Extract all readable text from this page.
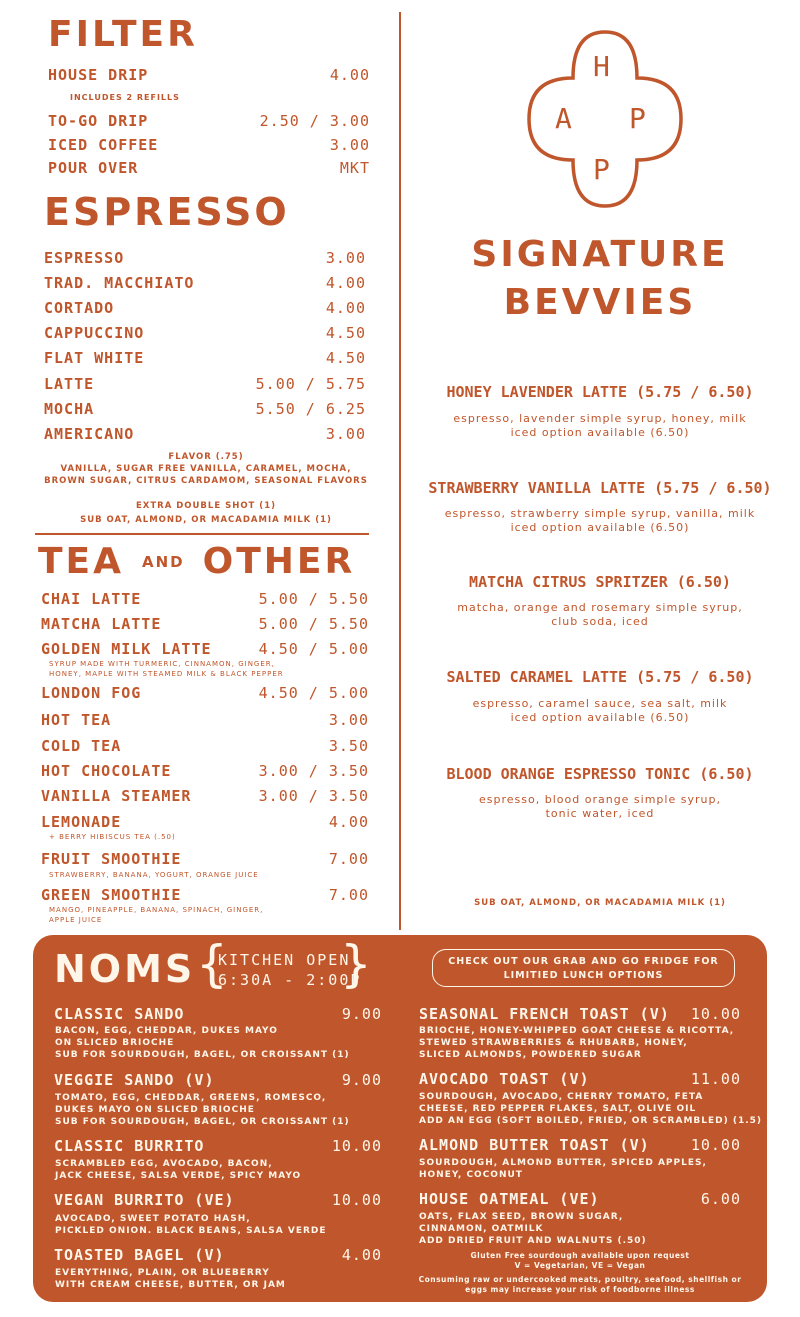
FILTER
HOUSE DRIP	4.00
INCLUDES 2 REFILLS
TO-GO DRIP	2.50 / 3.00
ICED COFFEE	3.00
POUR OVER	MKT
ESPRESSO
ESPRESSO	3.00
TRAD. MACCHIATO	4.00
CORTADO	4.00
CAPPUCCINO	4.50
FLAT WHITE	4.50
LATTE	5.00 / 5.75
MOCHA	5.50 / 6.25
AMERICANO	3.00
FLAVOR (.75)
VANILLA, SUGAR FREE VANILLA, CARAMEL, MOCHA,
BROWN SUGAR, CITRUS CARDAMOM, SEASONAL FLAVORS
EXTRA DOUBLE SHOT (1)
SUB OAT, ALMOND, OR MACADAMIA MILK (1)
TEA AND OTHER
CHAI LATTE	5.00 / 5.50
MATCHA LATTE	5.00 / 5.50
GOLDEN MILK LATTE	4.50 / 5.00
SYRUP MADE WITH TURMERIC, CINNAMON, GINGER,
HONEY, MAPLE WITH STEAMED MILK & BLACK PEPPER
LONDON FOG	4.50 / 5.00
HOT TEA	3.00
COLD TEA	3.50
HOT CHOCOLATE	3.00 / 3.50
VANILLA STEAMER	3.00 / 3.50
LEMONADE	4.00
+ BERRY HIBISCUS TEA (.50)
FRUIT SMOOTHIE	7.00
STRAWBERRY, BANANA, YOGURT, ORANGE JUICE
GREEN SMOOTHIE	7.00
MANGO, PINEAPPLE, BANANA, SPINACH, GINGER,
APPLE JUICE
H
A P
P
SIGNATURE
BEVVIES
HONEY LAVENDER LATTE (5.75 / 6.50)
espresso, lavender simple syrup, honey, milk
iced option available (6.50)
STRAWBERRY VANILLA LATTE (5.75 / 6.50)
espresso, strawberry simple syrup, vanilla, milk
iced option available (6.50)
MATCHA CITRUS SPRITZER (6.50)
matcha, orange and rosemary simple syrup,
club soda, iced
SALTED CARAMEL LATTE (5.75 / 6.50)
espresso, caramel sauce, sea salt, milk
iced option available (6.50)
BLOOD ORANGE ESPRESSO TONIC (6.50)
espresso, blood orange simple syrup,
tonic water, iced
SUB OAT, ALMOND, OR MACADAMIA MILK (1)
NOMS {
KITCHEN OPEN
6:30A - 2:00P
}	CHECK OUT OUR GRAB AND GO FRIDGE FOR
LIMITIED LUNCH OPTIONS
CLASSIC SANDO	9.00
BACON, EGG, CHEDDAR, DUKES MAYO
ON SLICED BRIOCHE
SUB FOR SOURDOUGH, BAGEL, OR CROISSANT (1)
VEGGIE SANDO (V)	9.00
TOMATO, EGG, CHEDDAR, GREENS, ROMESCO,
DUKES MAYO ON SLICED BRIOCHE
SUB FOR SOURDOUGH, BAGEL, OR CROISSANT (1)
CLASSIC BURRITO	10.00
SCRAMBLED EGG, AVOCADO, BACON,
JACK CHEESE, SALSA VERDE, SPICY MAYO
VEGAN BURRITO (VE)	10.00
AVOCADO, SWEET POTATO HASH,
PICKLED ONION. BLACK BEANS, SALSA VERDE
TOASTED BAGEL (V)	4.00
EVERYTHING, PLAIN, OR BLUEBERRY
WITH CREAM CHEESE, BUTTER, OR JAM
SEASONAL FRENCH TOAST (V)	10.00
BRIOCHE, HONEY-WHIPPED GOAT CHEESE & RICOTTA,
STEWED STRAWBERRIES & RHUBARB, HONEY,
SLICED ALMONDS, POWDERED SUGAR
AVOCADO TOAST (V)	11.00
SOURDOUGH, AVOCADO, CHERRY TOMATO, FETA
CHEESE, RED PEPPER FLAKES, SALT, OLIVE OIL
ADD AN EGG (SOFT BOILED, FRIED, OR SCRAMBLED) (1.5)
ALMOND BUTTER TOAST (V)	10.00
SOURDOUGH, ALMOND BUTTER, SPICED APPLES,
HONEY, COCONUT
HOUSE OATMEAL (VE)	6.00
OATS, FLAX SEED, BROWN SUGAR,
CINNAMON, OATMILK
ADD DRIED FRUIT AND WALNUTS (.50)
Gluten Free sourdough available upon request
V = Vegetarian, VE = Vegan
Consuming raw or undercooked meats, poultry, seafood, shellfish or
eggs may increase your risk of foodborne illness
